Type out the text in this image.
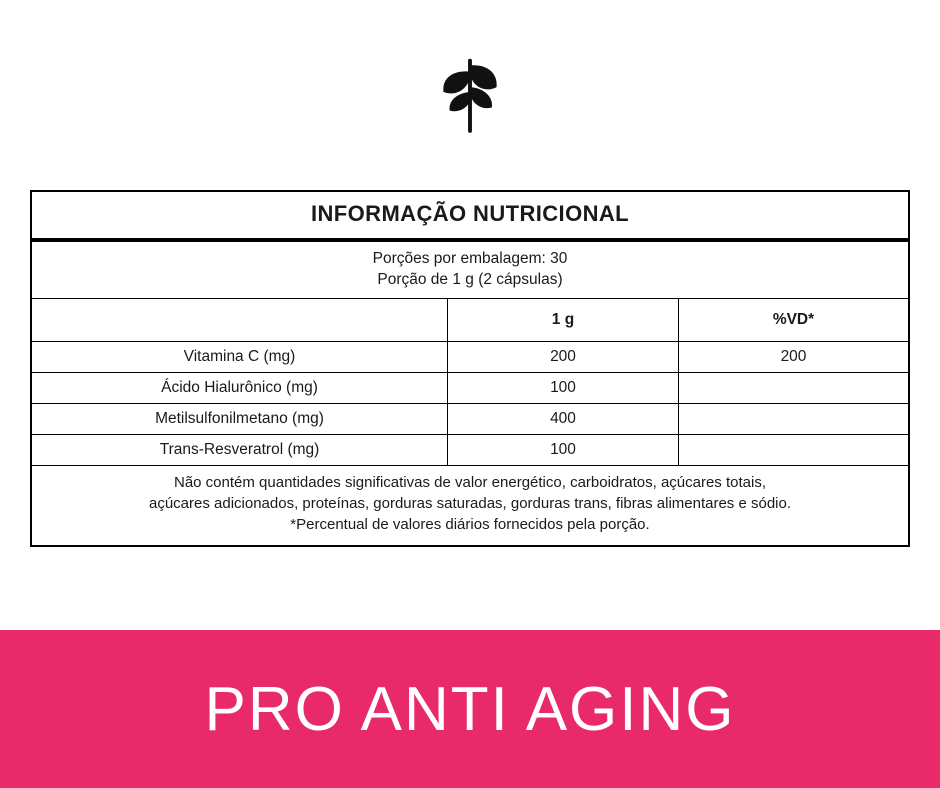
INFORMAÇÃO NUTRICIONAL
Porções por embalagem: 30
Porção de 1 g (2 cápsulas)
	1 g	%VD*
Vitamina C (mg)	200	200
Ácido Hialurônico (mg)	100	
Metilsulfonilmetano (mg)	400	
Trans-Resveratrol (mg)	100	
Não contém quantidades significativas de valor energético, carboidratos, açúcares totais,
açúcares adicionados, proteínas, gorduras saturadas, gorduras trans, fibras alimentares e sódio.
*Percentual de valores diários fornecidos pela porção.
PRO ANTI AGING
